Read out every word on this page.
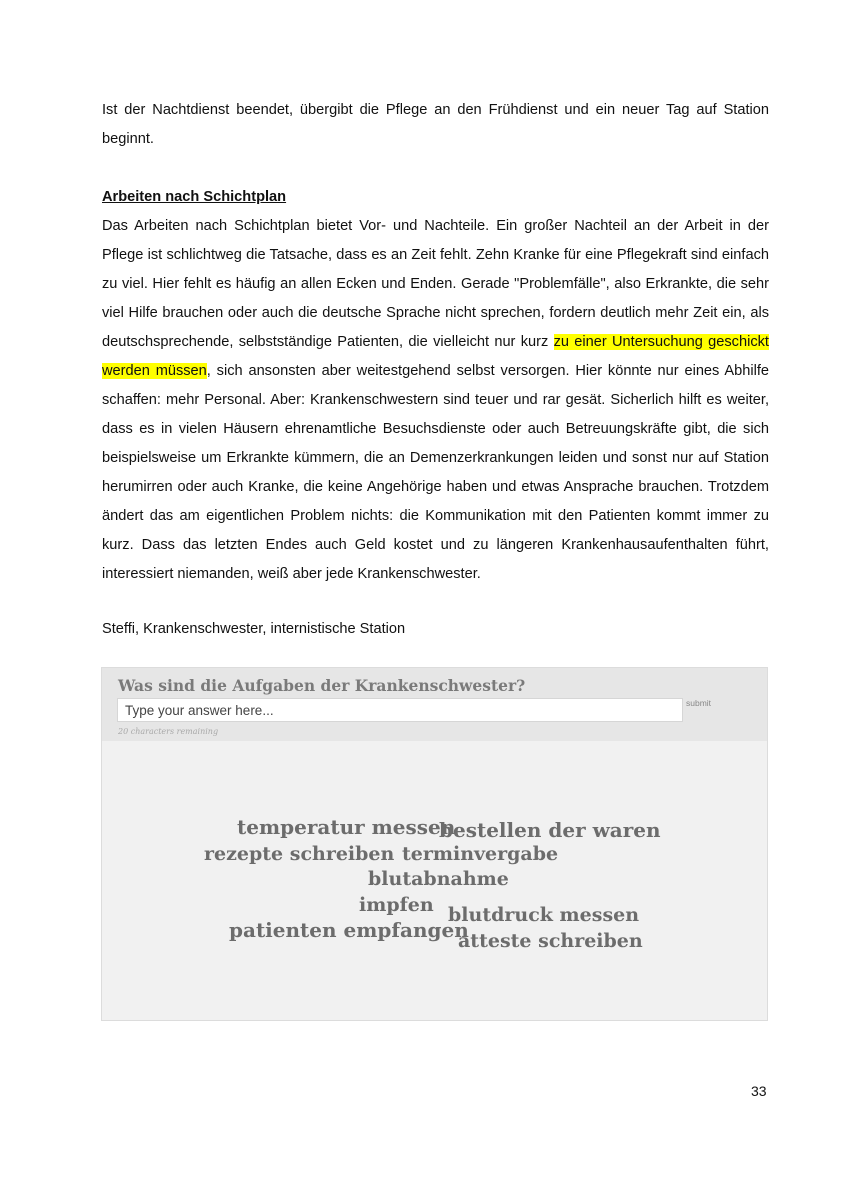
Ist der Nachtdienst beendet, übergibt die Pflege an den Frühdienst und ein neuer Tag auf Station beginnt.
Arbeiten nach Schichtplan
Das Arbeiten nach Schichtplan bietet Vor- und Nachteile. Ein großer Nachteil an der Arbeit in der Pflege ist schlichtweg die Tatsache, dass es an Zeit fehlt. Zehn Kranke für eine Pflegekraft sind einfach zu viel. Hier fehlt es häufig an allen Ecken und Enden. Gerade "Problemfälle", also Erkrankte, die sehr viel Hilfe brauchen oder auch die deutsche Sprache nicht sprechen, fordern deutlich mehr Zeit ein, als deutschsprechende, selbstständige Patienten, die vielleicht nur kurz zu einer Untersuchung geschickt werden müssen, sich ansonsten aber weitestgehend selbst versorgen. Hier könnte nur eines Abhilfe schaffen: mehr Personal. Aber: Krankenschwestern sind teuer und rar gesät. Sicherlich hilft es weiter, dass es in vielen Häusern ehrenamtliche Besuchsdienste oder auch Betreuungskräfte gibt, die sich beispielsweise um Erkrankte kümmern, die an Demenzerkrankungen leiden und sonst nur auf Station herumirren oder auch Kranke, die keine Angehörige haben und etwas Ansprache brauchen. Trotzdem ändert das am eigentlichen Problem nichts: die Kommunikation mit den Patienten kommt immer zu kurz. Dass das letzten Endes auch Geld kostet und zu längeren Krankenhausaufenthalten führt, interessiert niemanden, weiß aber jede Krankenschwester.
Steffi, Krankenschwester, internistische Station
Was sind die Aufgaben der Krankenschwester?
Type your answer here...
submit
20 characters remaining
temperatur messen
bestellen der waren
rezepte schreiben terminvergabe
blutabnahme
impfen blutdruck messen
patienten empfangen
atteste schreiben
33
